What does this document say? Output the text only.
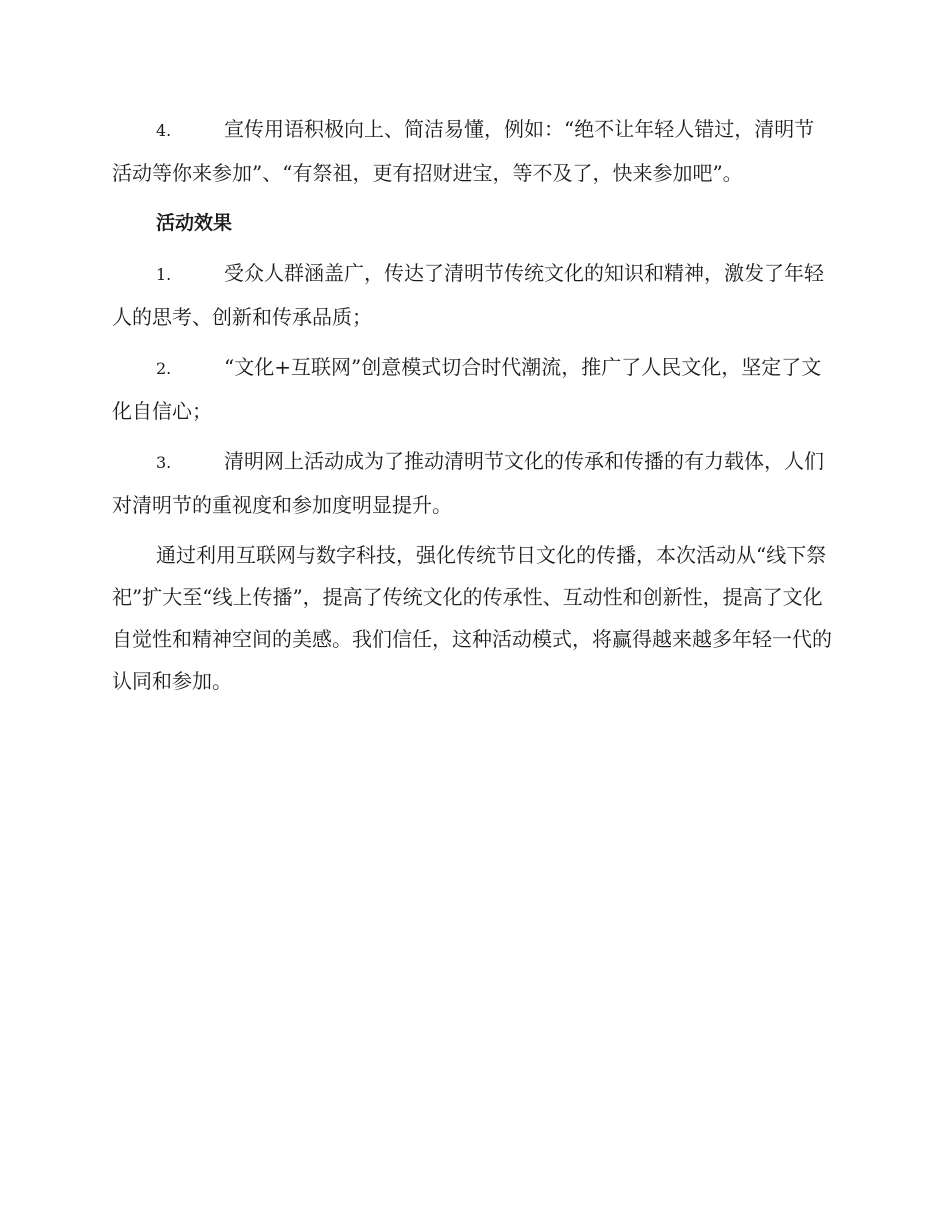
4.	宣传用语积极向上、简洁易懂，例如：“绝不让年轻人错过，清明节活动等你来参加”、“有祭祖，更有招财进宝，等不及了，快来参加吧”。

活动效果

1.	受众人群涵盖广，传达了清明节传统文化的知识和精神，激发了年轻人的思考、创新和传承品质；

2.	“文化+互联网”创意模式切合时代潮流，推广了人民文化，坚定了文化自信心；

3.	清明网上活动成为了推动清明节文化的传承和传播的有力载体，人们对清明节的重视度和参加度明显提升。

通过利用互联网与数字科技，强化传统节日文化的传播，本次活动从“线下祭祀”扩大至“线上传播”，提高了传统文化的传承性、互动性和创新性，提高了文化自觉性和精神空间的美感。我们信任，这种活动模式，将赢得越来越多年轻一代的认同和参加。
